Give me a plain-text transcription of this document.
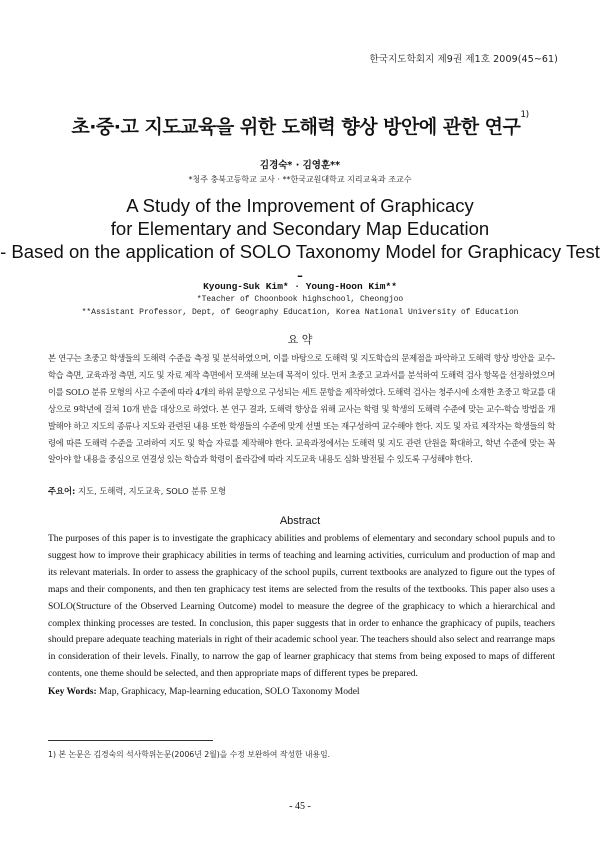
한국지도학회지 제9권 제1호 2009(45~61)
초·중·고 지도교육을 위한 도해력 향상 방안에 관한 연구$^{1)}$
김경숙* · 김영훈**
*청주 충북고등학교 교사 · **한국교원대학교 지리교육과 조교수
A Study of the Improvement of Graphicacy
for Elementary and Secondary Map Education
- Based on the application of SOLO Taxonomy Model for Graphicacy Test -
Kyoung-Suk Kim* · Young-Hoon Kim**
*Teacher of Choonbook highschool, Cheongjoo
**Assistant Professor, Dept, of Geography Education, Korea National University of Education
요 약
본 연구는 초중고 학생들의 도해력 수준을 측정 및 분석하였으며, 이를 바탕으로 도해력 및 지도학습의 문제점을 파악하고 도해력 향상 방안을 교수-학습 측면, 교육과정 측면, 지도 및 자료 제작 측면에서 모색해 보는데 목적이 있다. 먼저 초중고 교과서를 분석하여 도해력 검사 항목을 선정하였으며 이를 SOLO 분류 모형의 사고 수준에 따라 4개의 하위 문항으로 구성되는 세트 문항을 제작하였다. 도해력 검사는 청주시에 소재한 초중고 학교를 대상으로 9학년에 걸쳐 10개 반을 대상으로 하였다. 본 연구 결과, 도해력 향상을 위해 교사는 학령 및 학생의 도해력 수준에 맞는 교수-학습 방법을 개발해야 하고 지도의 종류나 지도와 관련된 내용 또한 학생들의 수준에 맞게 선별 또는 재구성하여 교수해야 한다. 지도 및 자료 제작자는 학생들의 학령에 따른 도해력 수준을 고려하여 지도 및 학습 자료를 제작해야 한다. 교육과정에서는 도해력 및 지도 관련 단원을 확대하고, 학년 수준에 맞는 꼭 알아야 할 내용을 중심으로 연결성 있는 학습과 학령이 올라감에 따라 지도교육 내용도 심화 발전될 수 있도록 구성해야 한다.
주요어: 지도, 도해력, 지도교육, SOLO 분류 모형
Abstract
The purposes of this paper is to investigate the graphicacy abilities and problems of elementary and secondary school pupuls and to suggest how to improve their graphicacy abilities in terms of teaching and learning activities, curriculum and production of map and its relevant materials. In order to assess the graphicacy of the school pupils, current textbooks are analyzed to figure out the types of maps and their components, and then ten graphicacy test items are selected from the results of the textbooks. This paper also uses a SOLO(Structure of the Observed Learning Outcome) model to measure the degree of the graphicacy to which a hierarchical and complex thinking processes are tested. In conclusion, this paper suggests that in order to enhance the graphicacy of pupils, teachers should prepare adequate teaching materials in right of their academic school year. The teachers should also select and rearrange maps in consideration of their levels. Finally, to narrow the gap of learner graphicacy that stems from being exposed to maps of different contents, one theme should be selected, and then appropriate maps of different types be prepared.
Key Words: Map, Graphicacy, Map-learning education, SOLO Taxonomy Model
1) 본 논문은 김경숙의 석사학위논문(2006년 2월)을 수정 보완하여 작성한 내용임.
- 45 -
